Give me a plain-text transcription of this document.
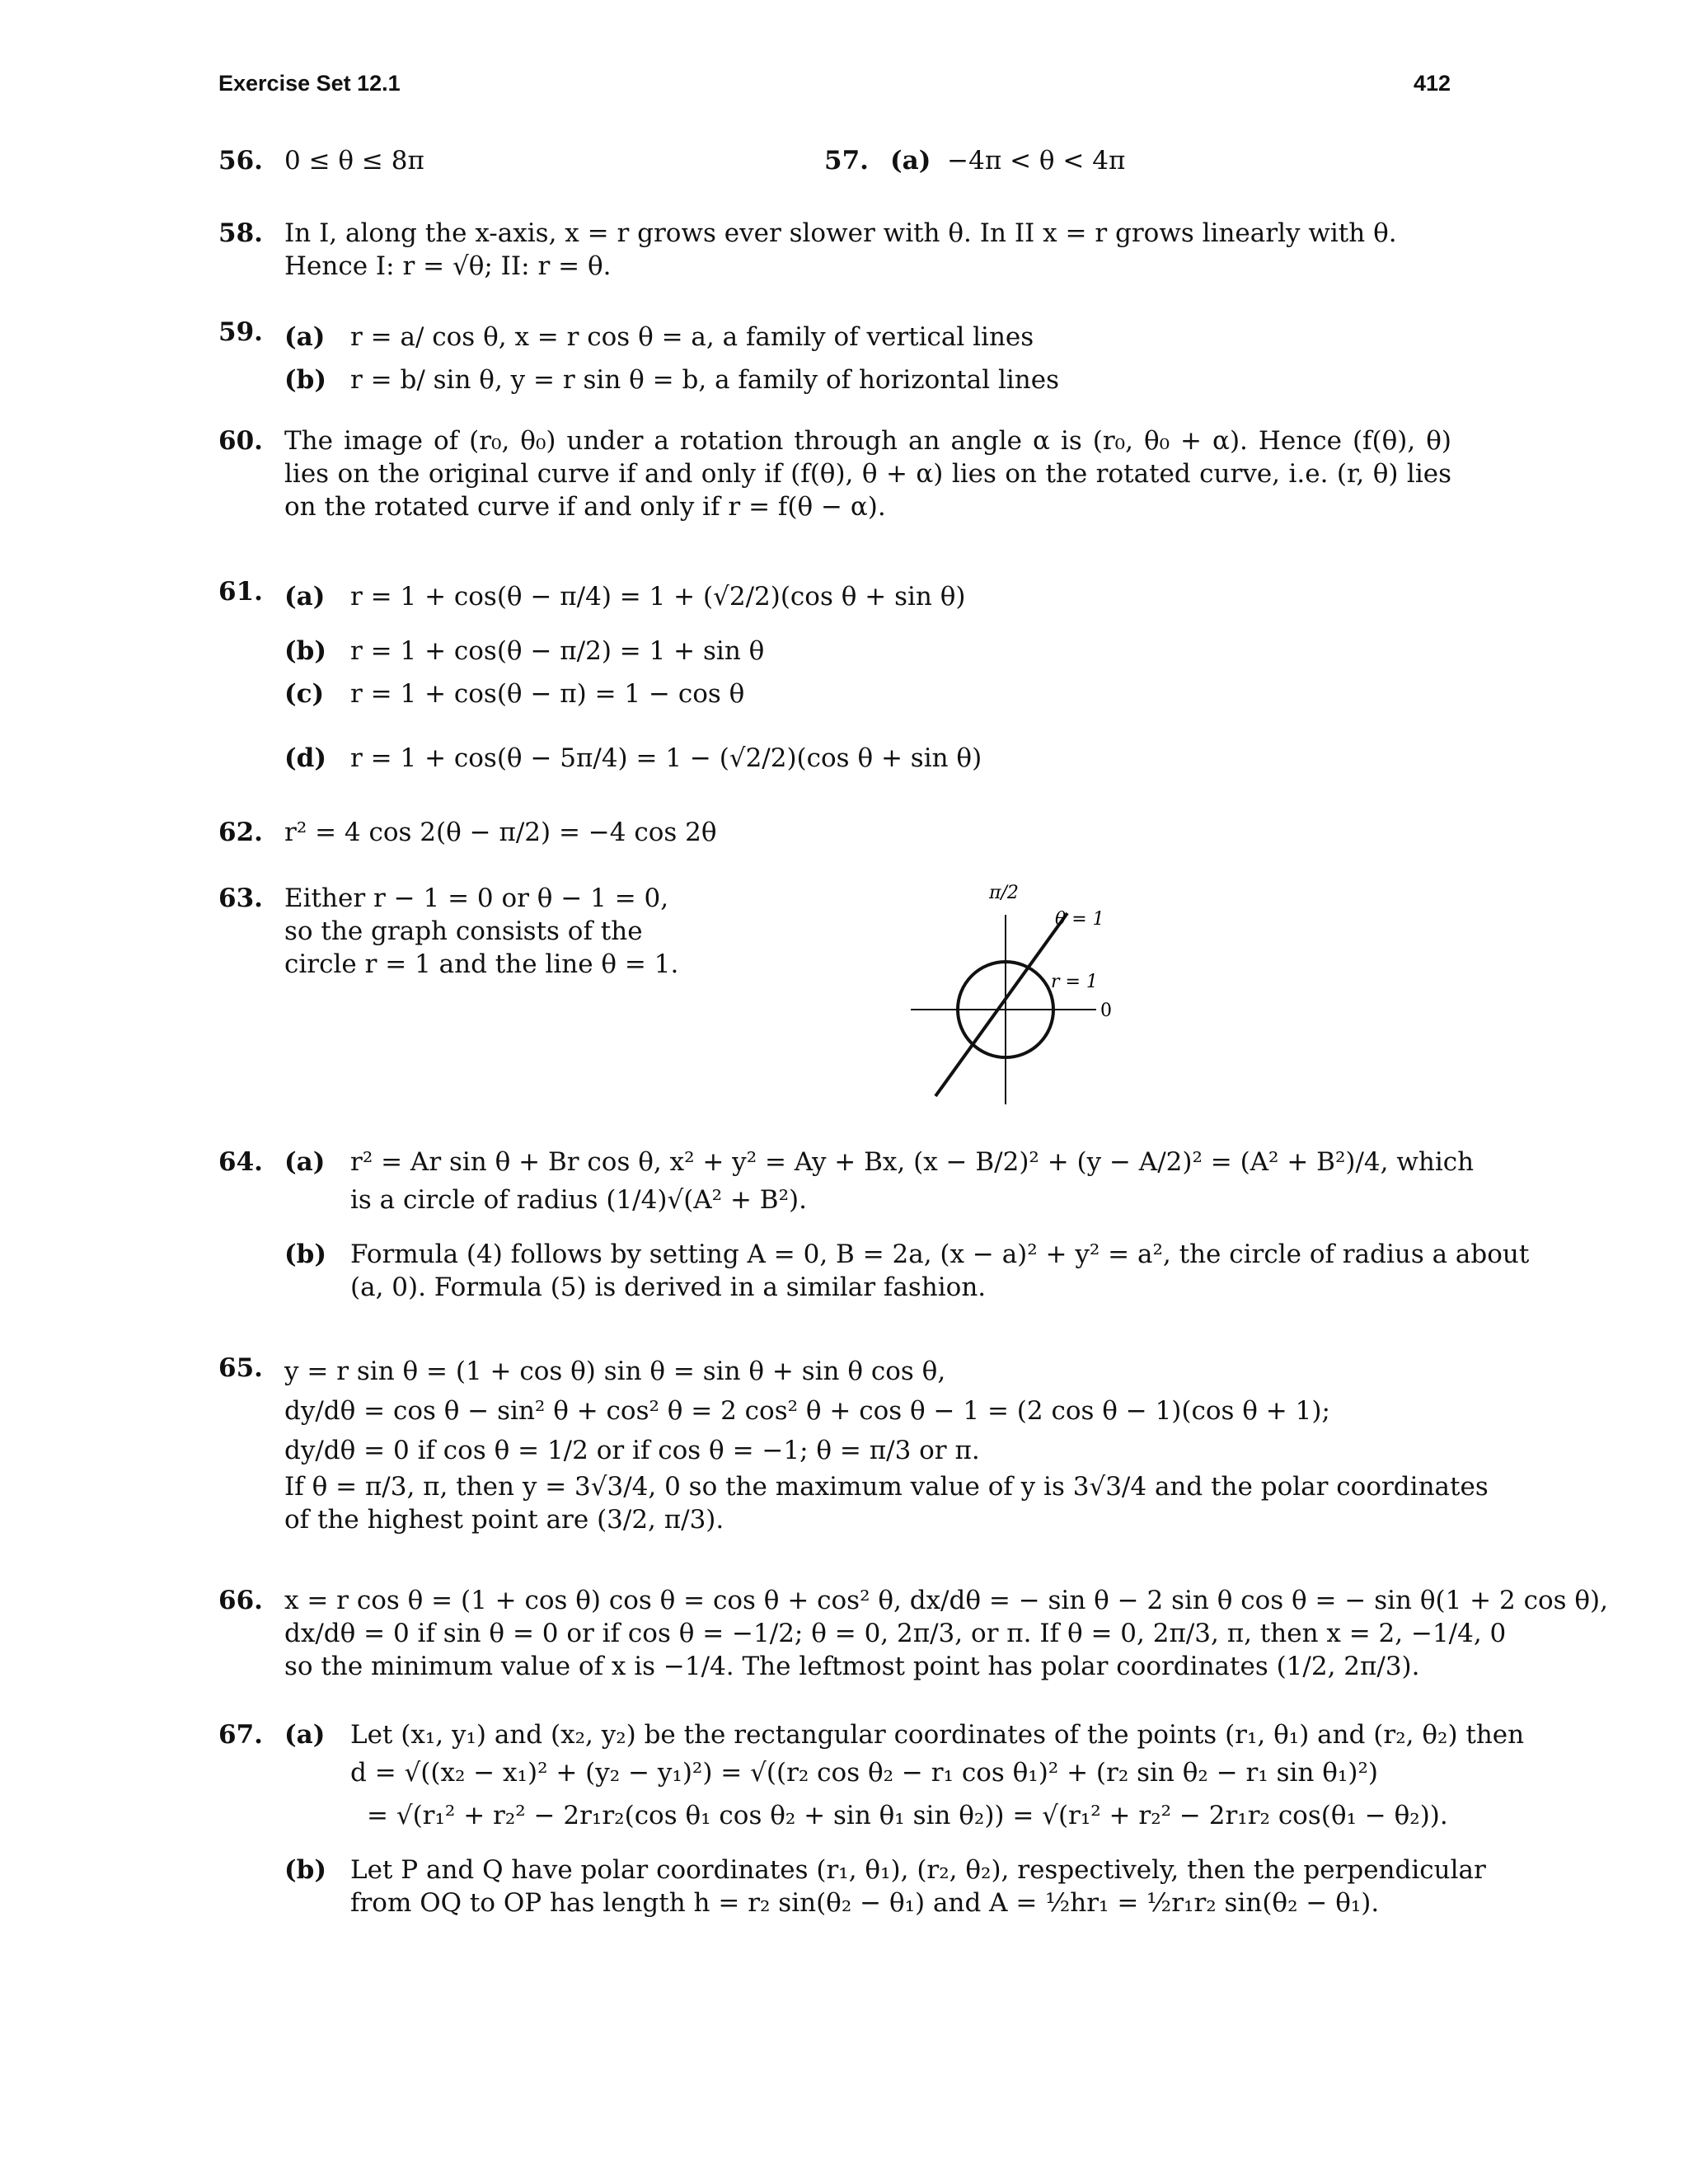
Exercise Set 12.1	412
56. 0 ≤ θ ≤ 8π	57. (a) −4π < θ < 4π
58. In I, along the x-axis, x = r grows ever slower with θ. In II x = r grows linearly with θ.
Hence I: r = √θ; II: r = θ.
59. (a) r = a/ cos θ, x = r cos θ = a, a family of vertical lines
(b) r = b/ sin θ, y = r sin θ = b, a family of horizontal lines
60. The image of (r₀, θ₀) under a rotation through an angle α is (r₀, θ₀ + α). Hence (f(θ), θ) lies on the original curve if and only if (f(θ), θ + α) lies on the rotated curve, i.e. (r, θ) lies on the rotated curve if and only if r = f(θ − α).
61. (a) r = 1 + cos(θ − π/4) = 1 + (√2/2)(cos θ + sin θ)
(b) r = 1 + cos(θ − π/2) = 1 + sin θ
(c) r = 1 + cos(θ − π) = 1 − cos θ
(d) r = 1 + cos(θ − 5π/4) = 1 − (√2/2)(cos θ + sin θ)
62. r² = 4 cos 2(θ − π/2) = −4 cos 2θ
63. Either r − 1 = 0 or θ − 1 = 0,
so the graph consists of the
circle r = 1 and the line θ = 1.
π/2
θ = 1
r = 1
0
64. (a) r² = Ar sin θ + Br cos θ, x² + y² = Ay + Bx, (x − B/2)² + (y − A/2)² = (A² + B²)/4, which
is a circle of radius (1/4)√(A² + B²).
(b) Formula (4) follows by setting A = 0, B = 2a, (x − a)² + y² = a², the circle of radius a about
(a, 0). Formula (5) is derived in a similar fashion.
65. y = r sin θ = (1 + cos θ) sin θ = sin θ + sin θ cos θ,
dy/dθ = cos θ − sin² θ + cos² θ = 2 cos² θ + cos θ − 1 = (2 cos θ − 1)(cos θ + 1);
dy/dθ = 0 if cos θ = 1/2 or if cos θ = −1; θ = π/3 or π.
If θ = π/3, π, then y = 3√3/4, 0 so the maximum value of y is 3√3/4 and the polar coordinates
of the highest point are (3/2, π/3).
66. x = r cos θ = (1 + cos θ) cos θ = cos θ + cos² θ, dx/dθ = − sin θ − 2 sin θ cos θ = − sin θ(1 + 2 cos θ),
dx/dθ = 0 if sin θ = 0 or if cos θ = −1/2; θ = 0, 2π/3, or π. If θ = 0, 2π/3, π, then x = 2, −1/4, 0
so the minimum value of x is −1/4. The leftmost point has polar coordinates (1/2, 2π/3).
67. (a) Let (x₁, y₁) and (x₂, y₂) be the rectangular coordinates of the points (r₁, θ₁) and (r₂, θ₂) then
d = √((x₂ − x₁)² + (y₂ − y₁)²) = √((r₂ cos θ₂ − r₁ cos θ₁)² + (r₂ sin θ₂ − r₁ sin θ₁)²)
= √(r₁² + r₂² − 2r₁r₂(cos θ₁ cos θ₂ + sin θ₁ sin θ₂)) = √(r₁² + r₂² − 2r₁r₂ cos(θ₁ − θ₂)).
(b) Let P and Q have polar coordinates (r₁, θ₁), (r₂, θ₂), respectively, then the perpendicular
from OQ to OP has length h = r₂ sin(θ₂ − θ₁) and A = ½hr₁ = ½r₁r₂ sin(θ₂ − θ₁).
